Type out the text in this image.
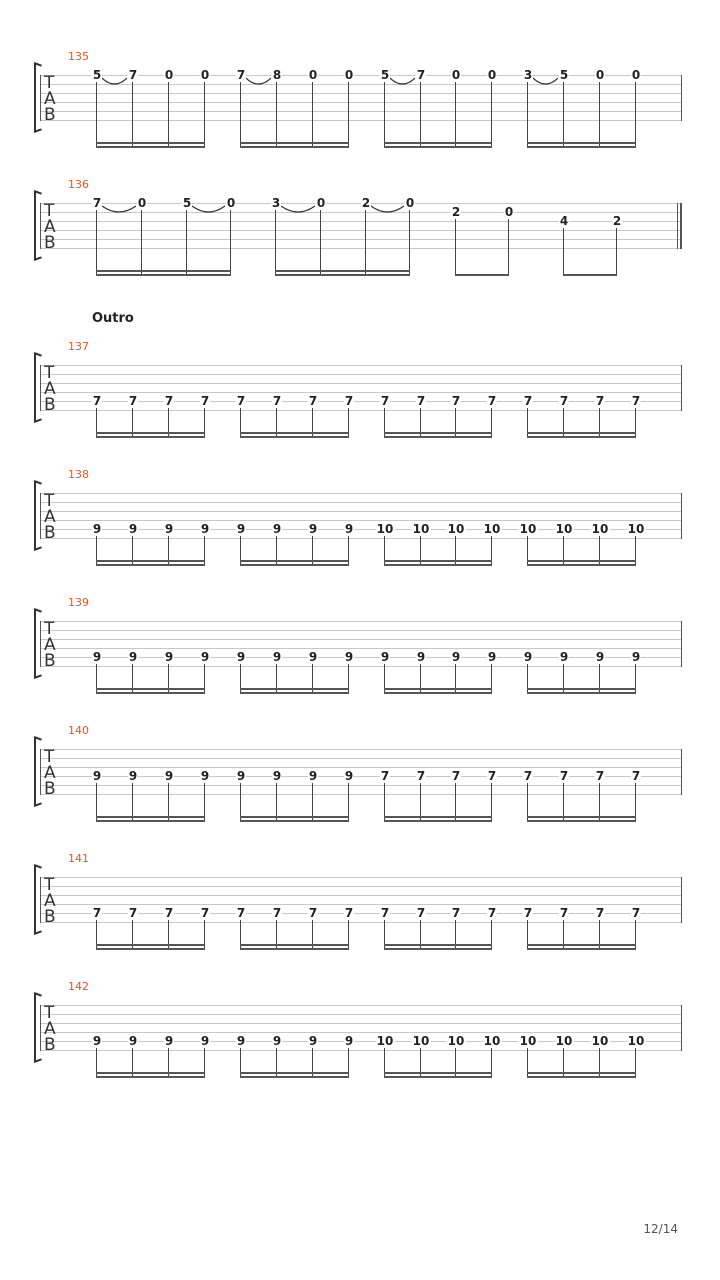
Outro
12/14
135
T
A
B
5 7 0 0 7 8 0 0 5 7 0 0 3 5 0 0
136
T
A
B
7	0	5	0	3	0	2	0
2	0
4	2
137
T
A
B	7 7 7 7 7 7 7 7 7 7 7 7 7 7 7 7
138
T
A
B	9 9 9 9 9 9 9 9 10 10 10 10 10 10 10 10
139
T
A
B	9 9 9 9 9 9 9 9 9 9 9 9 9 9 9 9
140
T
A
B
9 9 9 9 9 9 9 9 7 7 7 7 7 7 7 7
141
T
A
B	7 7 7 7 7 7 7 7 7 7 7 7 7 7 7 7
142
T
A
B	9 9 9 9 9 9 9 9 10 10 10 10 10 10 10 10
